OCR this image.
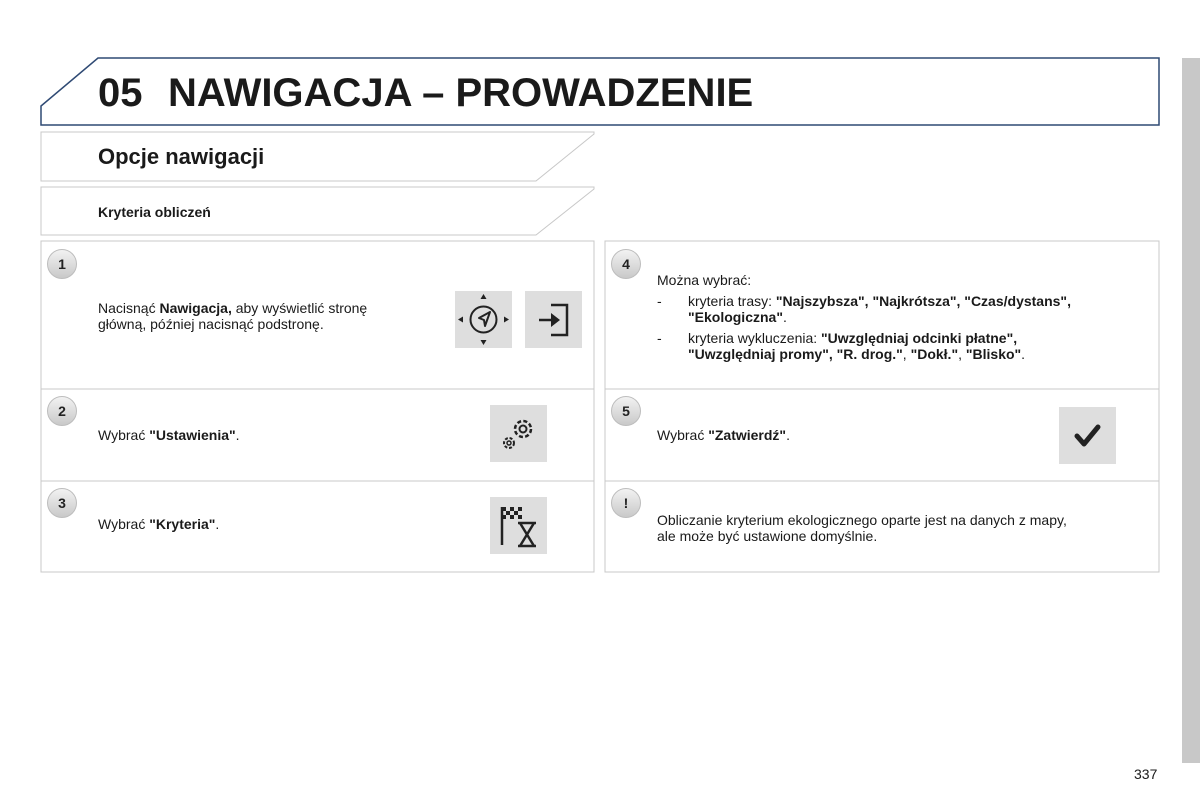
05 NAWIGACJA – PROWADZENIE
Opcje nawigacji
Kryteria obliczeń
1
Nacisnąć Nawigacja, aby wyświetlić stronę
główną, później nacisnąć podstronę.
2
Wybrać "Ustawienia".
3
Wybrać "Kryteria".
4
Można wybrać:
- kryteria trasy: "Najszybsza", "Najkrótsza", "Czas/dystans",
"Ekologiczna".
- kryteria wykluczenia: "Uwzględniaj odcinki płatne",
"Uwzględniaj promy", "R. drog.", "Dokł.", "Blisko".
5
Wybrać "Zatwierdź".
!
Obliczanie kryterium ekologicznego oparte jest na danych z mapy,
ale może być ustawione domyślnie.
337
